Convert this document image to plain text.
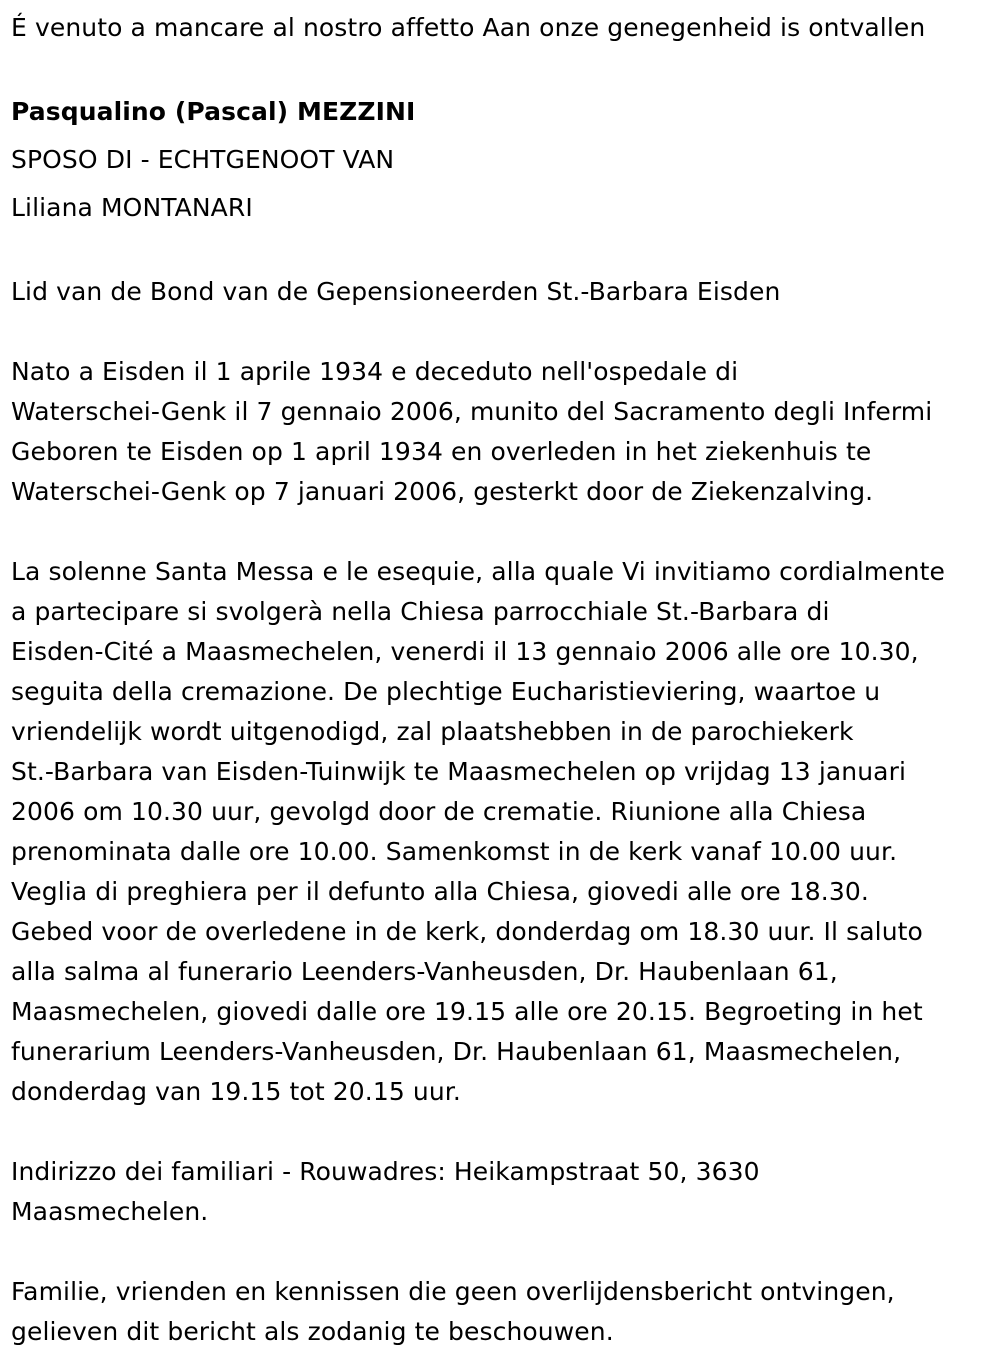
É venuto a mancare al nostro affetto Aan onze genegenheid is ontvallen
Pasqualino (Pascal) MEZZINI
SPOSO DI - ECHTGENOOT VAN
Liliana MONTANARI
Lid van de Bond van de Gepensioneerden St.-Barbara Eisden
Nato a Eisden il 1 aprile 1934 e deceduto nell'ospedale di
Waterschei-Genk il 7 gennaio 2006, munito del Sacramento degli Infermi
Geboren te Eisden op 1 april 1934 en overleden in het ziekenhuis te
Waterschei-Genk op 7 januari 2006, gesterkt door de Ziekenzalving.
La solenne Santa Messa e le esequie, alla quale Vi invitiamo cordialmente
a partecipare si svolgerà nella Chiesa parrocchiale St.-Barbara di
Eisden-Cité a Maasmechelen, venerdi il 13 gennaio 2006 alle ore 10.30,
seguita della cremazione. De plechtige Eucharistieviering, waartoe u
vriendelijk wordt uitgenodigd, zal plaatshebben in de parochiekerk
St.-Barbara van Eisden-Tuinwijk te Maasmechelen op vrijdag 13 januari
2006 om 10.30 uur, gevolgd door de crematie. Riunione alla Chiesa
prenominata dalle ore 10.00. Samenkomst in de kerk vanaf 10.00 uur.
Veglia di preghiera per il defunto alla Chiesa, giovedi alle ore 18.30.
Gebed voor de overledene in de kerk, donderdag om 18.30 uur. Il saluto
alla salma al funerario Leenders-Vanheusden, Dr. Haubenlaan 61,
Maasmechelen, giovedi dalle ore 19.15 alle ore 20.15. Begroeting in het
funerarium Leenders-Vanheusden, Dr. Haubenlaan 61, Maasmechelen,
donderdag van 19.15 tot 20.15 uur.
Indirizzo dei familiari - Rouwadres: Heikampstraat 50, 3630
Maasmechelen.
Familie, vrienden en kennissen die geen overlijdensbericht ontvingen,
gelieven dit bericht als zodanig te beschouwen.
